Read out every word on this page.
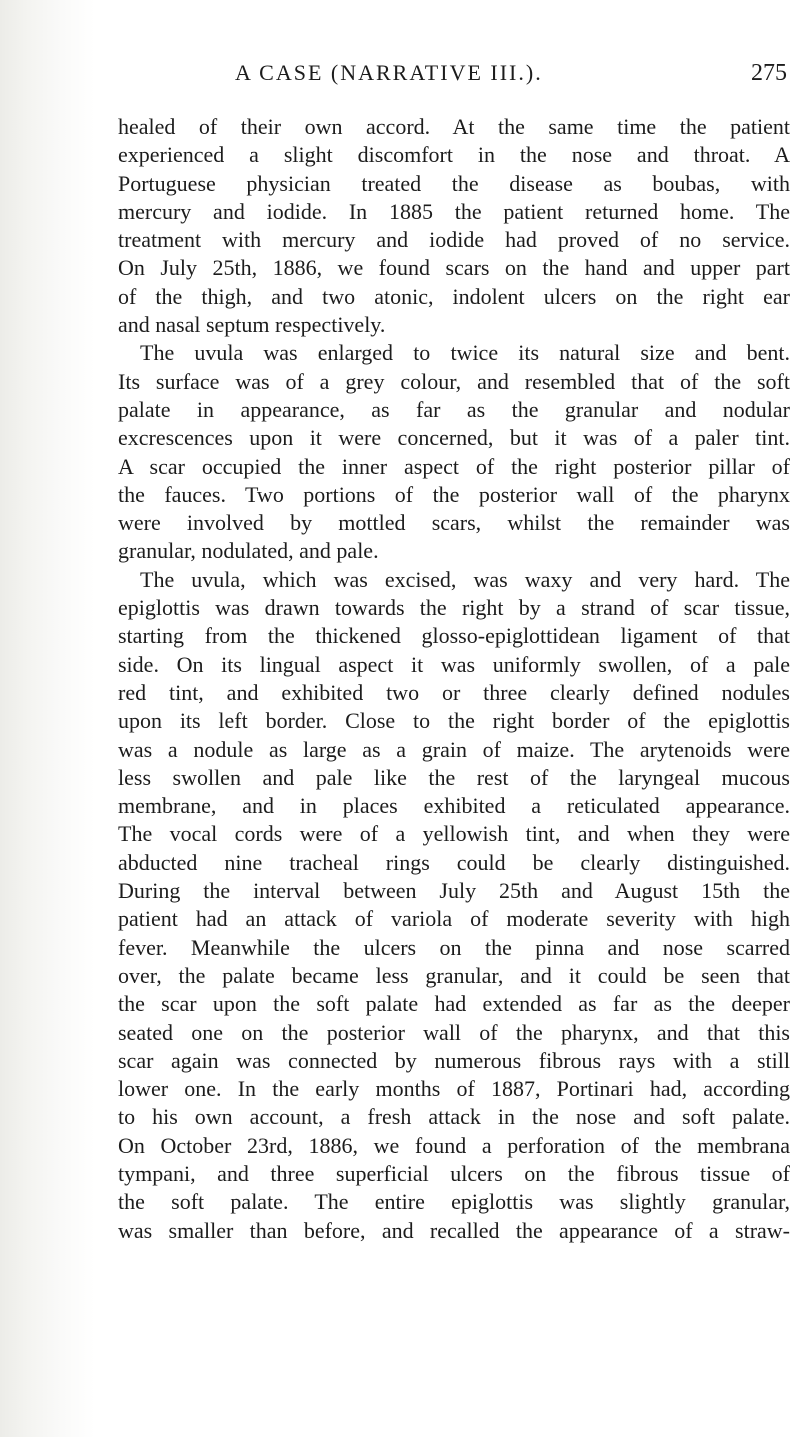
A CASE (NARRATIVE III.).	275
healed of their own accord. At the same time the patient
experienced a slight discomfort in the nose and throat. A
Portuguese physician treated the disease as boubas, with
mercury and iodide. In 1885 the patient returned home. The
treatment with mercury and iodide had proved of no service.
On July 25th, 1886, we found scars on the hand and upper part
of the thigh, and two atonic, indolent ulcers on the right ear
and nasal septum respectively.
The uvula was enlarged to twice its natural size and bent.
Its surface was of a grey colour, and resembled that of the soft
palate in appearance, as far as the granular and nodular
excrescences upon it were concerned, but it was of a paler tint.
A scar occupied the inner aspect of the right posterior pillar of
the fauces. Two portions of the posterior wall of the pharynx
were involved by mottled scars, whilst the remainder was
granular, nodulated, and pale.
The uvula, which was excised, was waxy and very hard. The
epiglottis was drawn towards the right by a strand of scar tissue,
starting from the thickened glosso-epiglottidean ligament of that
side. On its lingual aspect it was uniformly swollen, of a pale
red tint, and exhibited two or three clearly defined nodules
upon its left border. Close to the right border of the epiglottis
was a nodule as large as a grain of maize. The arytenoids were
less swollen and pale like the rest of the laryngeal mucous
membrane, and in places exhibited a reticulated appearance.
The vocal cords were of a yellowish tint, and when they were
abducted nine tracheal rings could be clearly distinguished.
During the interval between July 25th and August 15th the
patient had an attack of variola of moderate severity with high
fever. Meanwhile the ulcers on the pinna and nose scarred
over, the palate became less granular, and it could be seen that
the scar upon the soft palate had extended as far as the deeper
seated one on the posterior wall of the pharynx, and that this
scar again was connected by numerous fibrous rays with a still
lower one. In the early months of 1887, Portinari had, according
to his own account, a fresh attack in the nose and soft palate.
On October 23rd, 1886, we found a perforation of the membrana
tympani, and three superficial ulcers on the fibrous tissue of
the soft palate. The entire epiglottis was slightly granular,
was smaller than before, and recalled the appearance of a straw-
